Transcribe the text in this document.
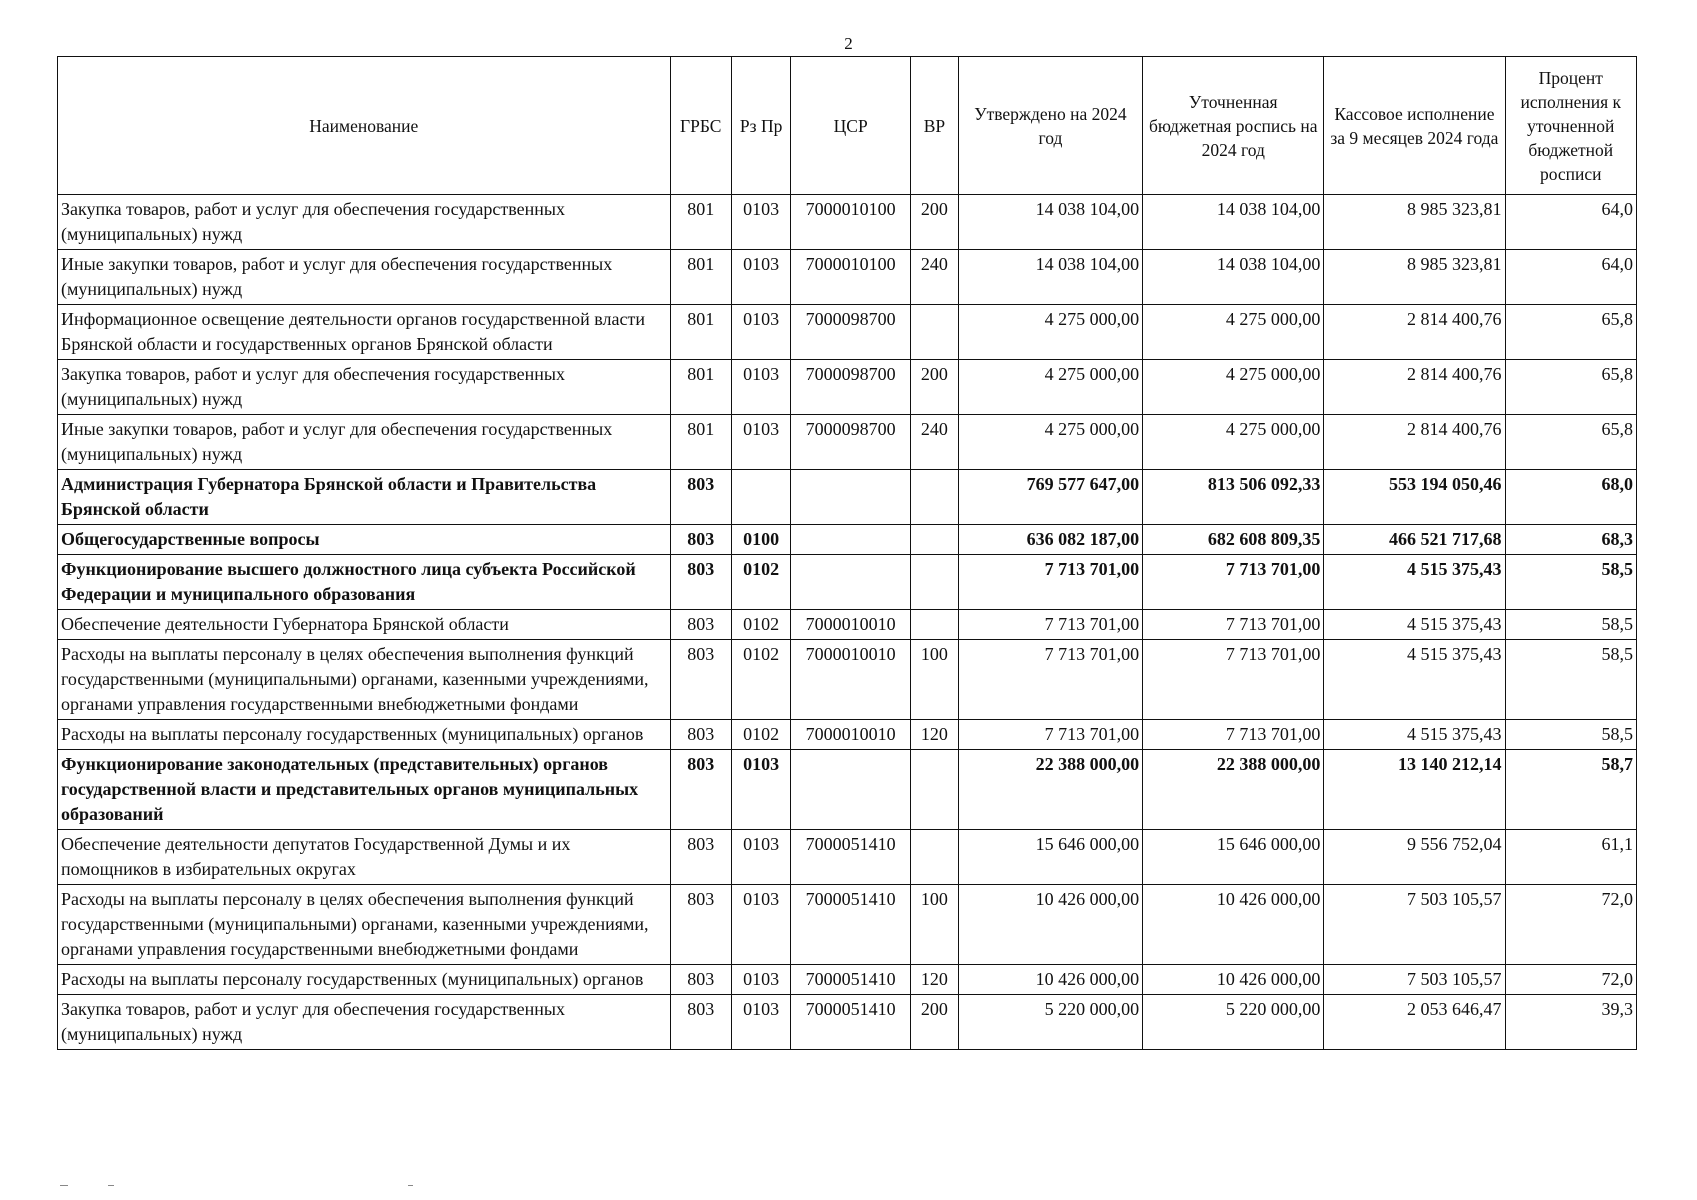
2
Наименование	ГРБС	Рз Пр	ЦСР	ВР	Утверждено на 2024 год	Уточненная бюджетная роспись на 2024 год	Кассовое исполнение за 9 месяцев 2024 года	Процент исполнения к уточненной бюджетной росписи
Закупка товаров, работ и услуг для обеспечения государственных (муниципальных) нужд	801	0103	7000010100	200	14 038 104,00	14 038 104,00	8 985 323,81	64,0
Иные закупки товаров, работ и услуг для обеспечения государственных (муниципальных) нужд	801	0103	7000010100	240	14 038 104,00	14 038 104,00	8 985 323,81	64,0
Информационное освещение деятельности органов государственной власти Брянской области и государственных органов Брянской области	801	0103	7000098700		4 275 000,00	4 275 000,00	2 814 400,76	65,8
Закупка товаров, работ и услуг для обеспечения государственных (муниципальных) нужд	801	0103	7000098700	200	4 275 000,00	4 275 000,00	2 814 400,76	65,8
Иные закупки товаров, работ и услуг для обеспечения государственных (муниципальных) нужд	801	0103	7000098700	240	4 275 000,00	4 275 000,00	2 814 400,76	65,8
Администрация Губернатора Брянской области и Правительства Брянской области	803				769 577 647,00	813 506 092,33	553 194 050,46	68,0
Общегосударственные вопросы	803	0100			636 082 187,00	682 608 809,35	466 521 717,68	68,3
Функционирование высшего должностного лица субъекта Российской Федерации и муниципального образования	803	0102			7 713 701,00	7 713 701,00	4 515 375,43	58,5
Обеспечение деятельности Губернатора Брянской области	803	0102	7000010010		7 713 701,00	7 713 701,00	4 515 375,43	58,5
Расходы на выплаты персоналу в целях обеспечения выполнения функций государственными (муниципальными) органами, казенными учреждениями, органами управления государственными внебюджетными фондами	803	0102	7000010010	100	7 713 701,00	7 713 701,00	4 515 375,43	58,5
Расходы на выплаты персоналу государственных (муниципальных) органов	803	0102	7000010010	120	7 713 701,00	7 713 701,00	4 515 375,43	58,5
Функционирование законодательных (представительных) органов государственной власти и представительных органов муниципальных образований	803	0103			22 388 000,00	22 388 000,00	13 140 212,14	58,7
Обеспечение деятельности депутатов Государственной Думы и их помощников в избирательных округах	803	0103	7000051410		15 646 000,00	15 646 000,00	9 556 752,04	61,1
Расходы на выплаты персоналу в целях обеспечения выполнения функций государственными (муниципальными) органами, казенными учреждениями, органами управления государственными внебюджетными фондами	803	0103	7000051410	100	10 426 000,00	10 426 000,00	7 503 105,57	72,0
Расходы на выплаты персоналу государственных (муниципальных) органов	803	0103	7000051410	120	10 426 000,00	10 426 000,00	7 503 105,57	72,0
Закупка товаров, работ и услуг для обеспечения государственных (муниципальных) нужд	803	0103	7000051410	200	5 220 000,00	5 220 000,00	2 053 646,47	39,3
